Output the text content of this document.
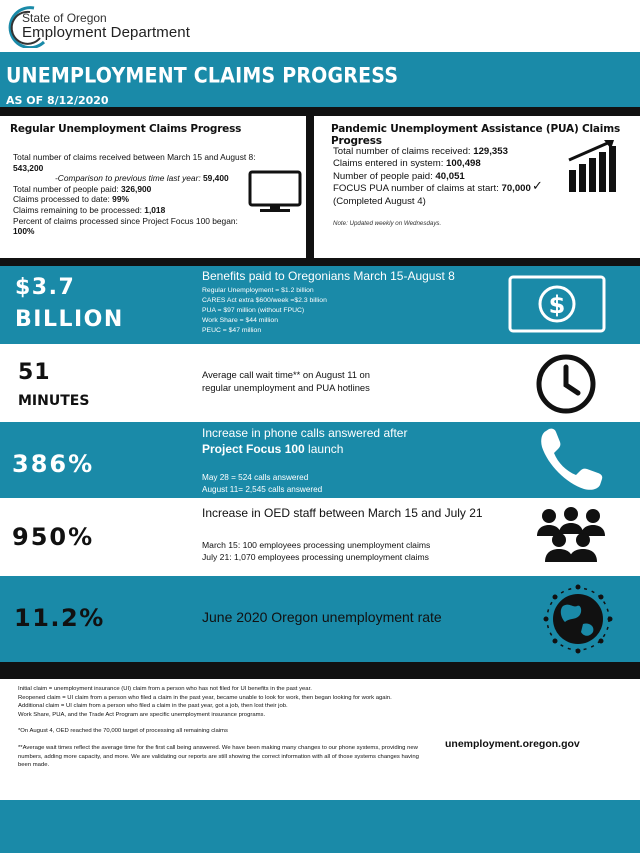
State of Oregon
Employment Department
UNEMPLOYMENT CLAIMS PROGRESS
AS OF 8/12/2020
Regular Unemployment Claims Progress
Total number of claims received between March 15 and August 8:
543,200
-Comparison to previous time last year: 59,400
Total number of people paid: 326,900
Claims processed to date: 99%
Claims remaining to be processed: 1,018
Percent of claims processed since Project Focus 100 began:
100%
Pandemic Unemployment Assistance (PUA) Claims Progress
Total number of claims received: 129,353
Claims entered in system: 100,498
Number of people paid: 40,051
FOCUS PUA number of claims at start: 70,000
(Completed August 4)
Note: Updated weekly on Wednesdays.
✓
$3.7
BILLION
Benefits paid to Oregonians March 15-August 8
Regular Unemployment = $1.2 billion
CARES Act extra $600/week =$2.3 billion
PUA = $97 million (without FPUC)
Work Share = $44 million
PEUC = $47 million
$
51
MINUTES
Average call wait time** on August 11 on
regular unemployment and PUA hotlines
386%
Increase in phone calls answered after
Project Focus 100 launch
May 28 = 524 calls answered
August 11= 2,545 calls answered
950%
Increase in OED staff between March 15 and July 21
March 15: 100 employees processing unemployment claims
July 21: 1,070 employees processing unemployment claims
11.2%	June 2020 Oregon unemployment rate
Initial claim = unemployment insurance (UI) claim from a person who has not filed for UI benefits in the past year.
Reopened claim = UI claim from a person who filed a claim in the past year, became unable to look for work, then began looking for work again.
Additional claim = UI claim from a person who filed a claim in the past year, got a job, then lost their job.
Work Share, PUA, and the Trade Act Program are specific unemployment insurance programs.
*On August 4, OED reached the 70,000 target of processing all remaining claims
**Average wait times reflect the average time for the first call being answered. We have been making many changes to our phone systems, providing new numbers, adding more capacity, and more. We are validating our reports are still showing the correct information with all of those systems changes having been made.
unemployment.oregon.gov
